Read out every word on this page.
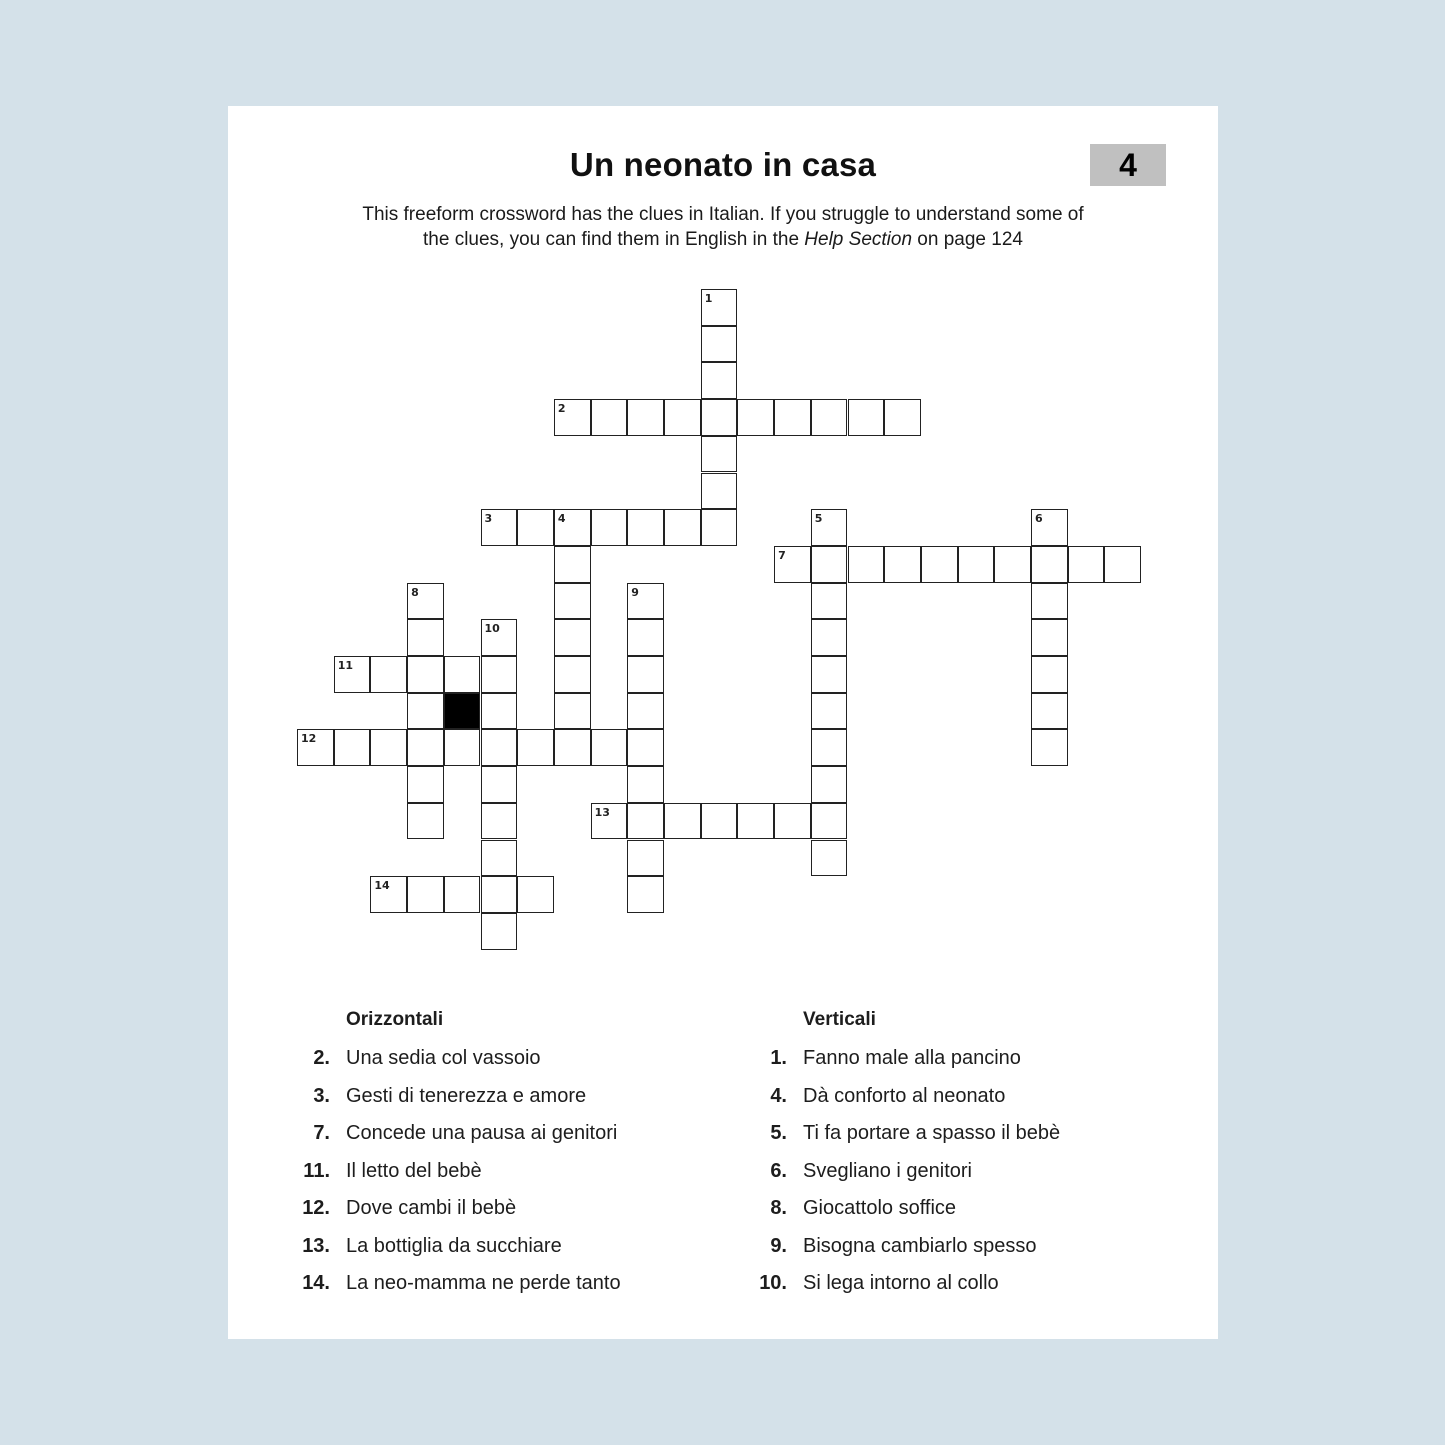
Un neonato in casa	4
This freeform crossword has the clues in Italian. If you struggle to understand some of
the clues, you can find them in English in the Help Section on page 124
1
2
3	4	5	6
7
8	9
10
11
12
13
14
Orizzontali
2. Una sedia col vassoio
3. Gesti di tenerezza e amore
7. Concede una pausa ai genitori
11. Il letto del bebè
12. Dove cambi il bebè
13. La bottiglia da succhiare
14. La neo-mamma ne perde tanto
Verticali
1. Fanno male alla pancino
4. Dà conforto al neonato
5. Ti fa portare a spasso il bebè
6. Svegliano i genitori
8. Giocattolo soffice
9. Bisogna cambiarlo spesso
10. Si lega intorno al collo
